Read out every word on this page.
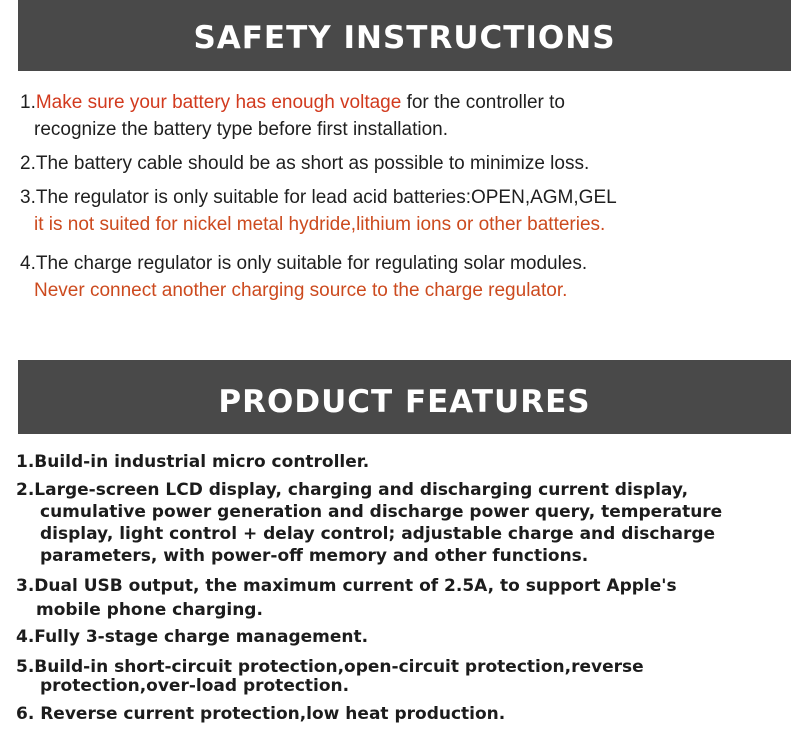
SAFETY INSTRUCTIONS
1.Make sure your battery has enough voltage for the controller to
recognize the battery type before first installation.
2.The battery cable should be as short as possible to minimize loss.
3.The regulator is only suitable for lead acid batteries:OPEN,AGM,GEL
it is not suited for nickel metal hydride,lithium ions or other batteries.
4.The charge regulator is only suitable for regulating solar modules.
Never connect another charging source to the charge regulator.
PRODUCT FEATURES
1.Build-in industrial micro controller.
2.Large-screen LCD display, charging and discharging current display,
cumulative power generation and discharge power query, temperature
display, light control + delay control; adjustable charge and discharge
parameters, with power-off memory and other functions.
3.Dual USB output, the maximum current of 2.5A, to support Apple's
mobile phone charging.
4.Fully 3-stage charge management.
5.Build-in short-circuit protection,open-circuit protection,reverse
protection,over-load protection.
6. Reverse current protection,low heat production.
